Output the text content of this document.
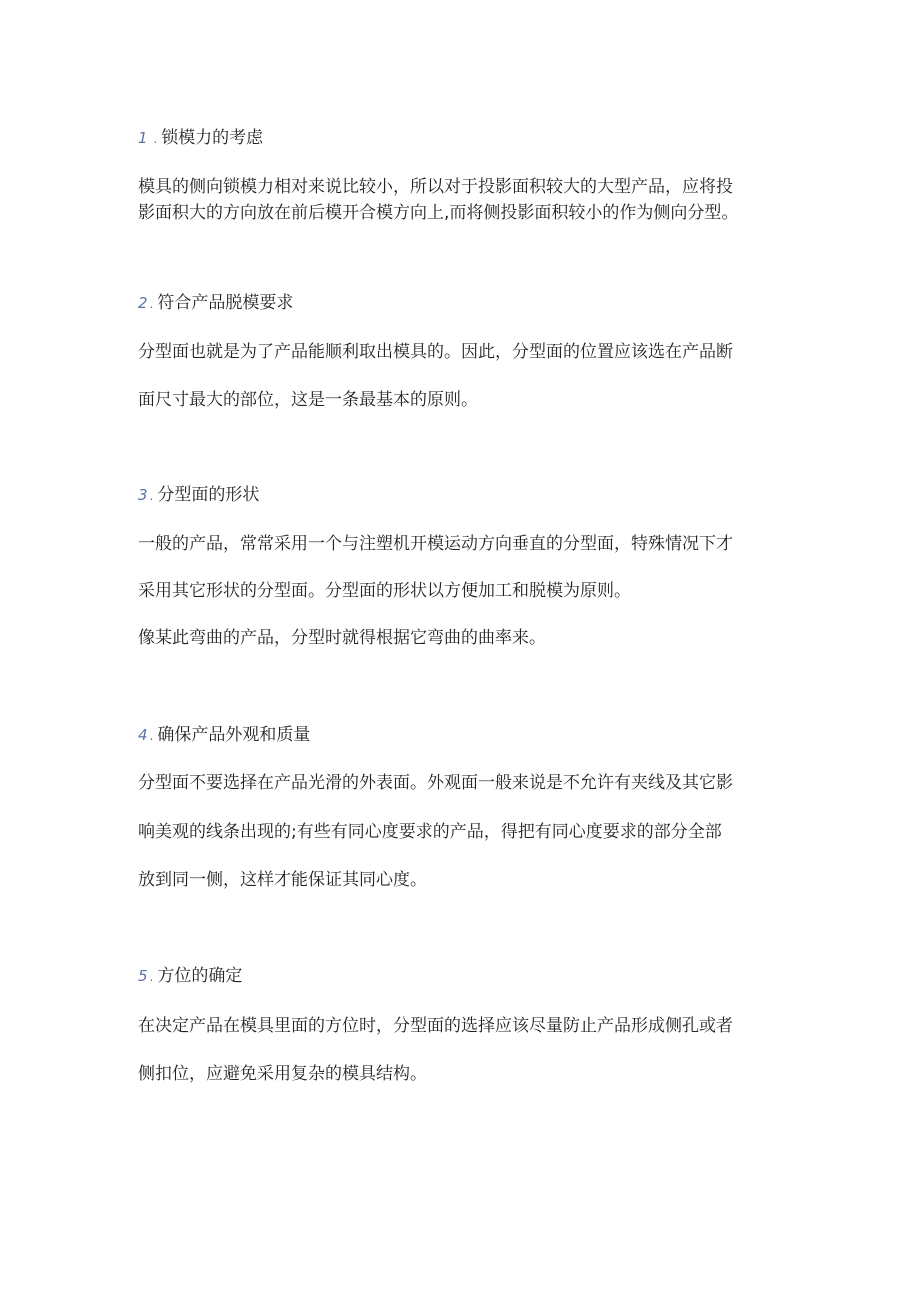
1 . 锁模力的考虑
模具的侧向锁模力相对来说比较小，所以对于投影面积较大的大型产品，应将投
影面积大的方向放在前后模开合模方向上,而将侧投影面积较小的作为侧向分型。
2 . 符合产品脱模要求
分型面也就是为了产品能顺利取出模具的。因此，分型面的位置应该选在产品断
面尺寸最大的部位，这是一条最基本的原则。
3 . 分型面的形状
一般的产品，常常采用一个与注塑机开模运动方向垂直的分型面，特殊情况下才
采用其它形状的分型面。分型面的形状以方便加工和脱模为原则。
像某此弯曲的产品，分型时就得根据它弯曲的曲率来。
4 . 确保产品外观和质量
分型面不要选择在产品光滑的外表面。外观面一般来说是不允许有夹线及其它影
响美观的线条出现的;有些有同心度要求的产品，得把有同心度要求的部分全部
放到同一侧，这样才能保证其同心度。
5 . 方位的确定
在决定产品在模具里面的方位时，分型面的选择应该尽量防止产品形成侧孔或者
侧扣位，应避免采用复杂的模具结构。
